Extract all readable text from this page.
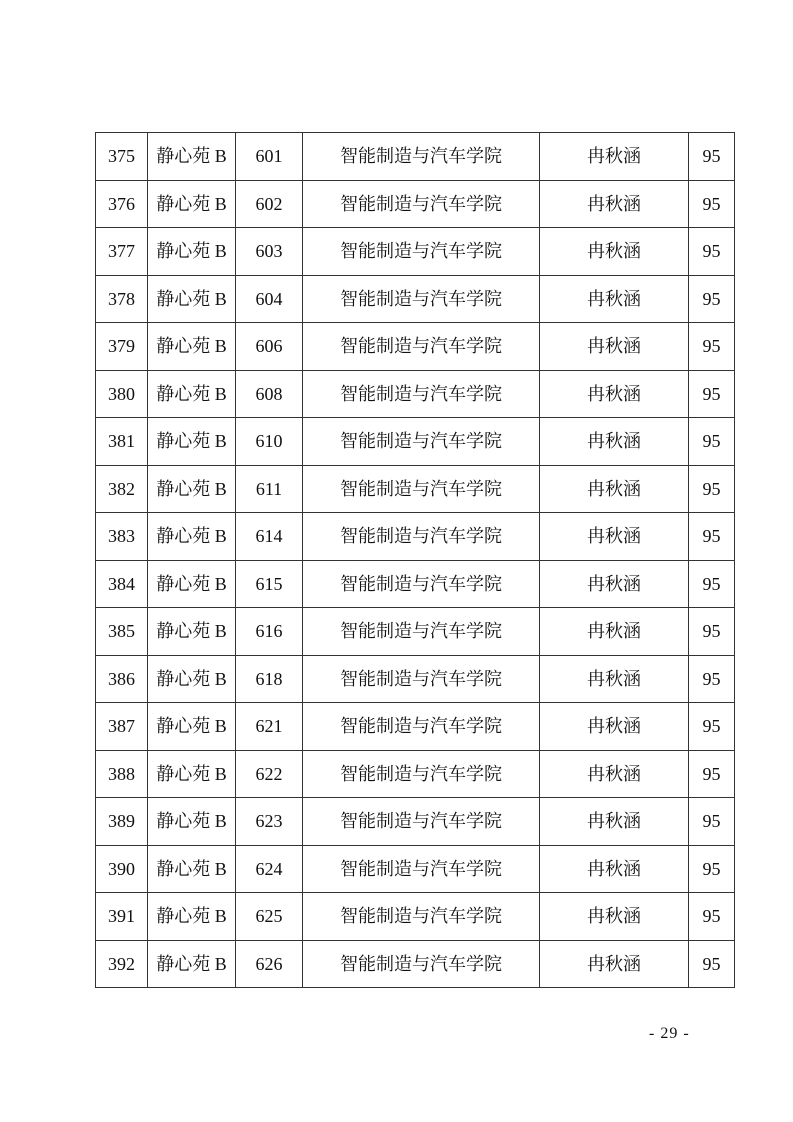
375	静心苑 B	601	智能制造与汽车学院	冉秋涵	95
376	静心苑 B	602	智能制造与汽车学院	冉秋涵	95
377	静心苑 B	603	智能制造与汽车学院	冉秋涵	95
378	静心苑 B	604	智能制造与汽车学院	冉秋涵	95
379	静心苑 B	606	智能制造与汽车学院	冉秋涵	95
380	静心苑 B	608	智能制造与汽车学院	冉秋涵	95
381	静心苑 B	610	智能制造与汽车学院	冉秋涵	95
382	静心苑 B	611	智能制造与汽车学院	冉秋涵	95
383	静心苑 B	614	智能制造与汽车学院	冉秋涵	95
384	静心苑 B	615	智能制造与汽车学院	冉秋涵	95
385	静心苑 B	616	智能制造与汽车学院	冉秋涵	95
386	静心苑 B	618	智能制造与汽车学院	冉秋涵	95
387	静心苑 B	621	智能制造与汽车学院	冉秋涵	95
388	静心苑 B	622	智能制造与汽车学院	冉秋涵	95
389	静心苑 B	623	智能制造与汽车学院	冉秋涵	95
390	静心苑 B	624	智能制造与汽车学院	冉秋涵	95
391	静心苑 B	625	智能制造与汽车学院	冉秋涵	95
392	静心苑 B	626	智能制造与汽车学院	冉秋涵	95
- 29 -
